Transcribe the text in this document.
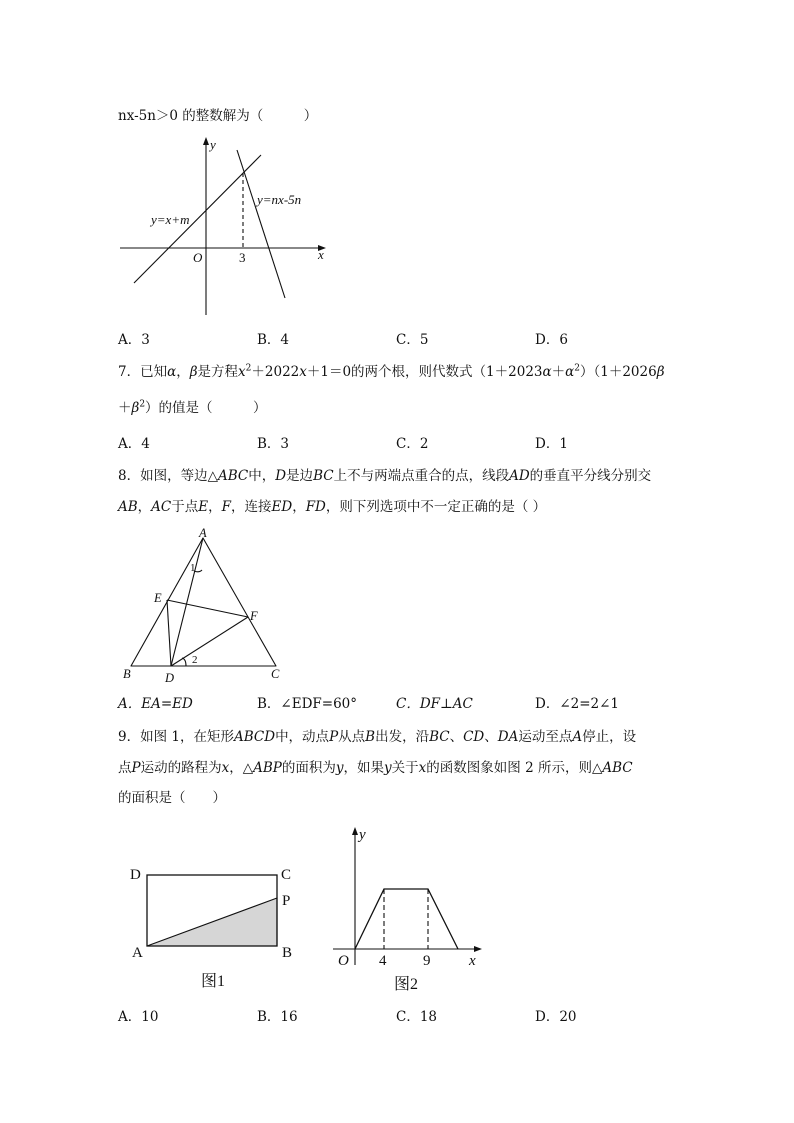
nx-5n＞0 的整数解为（　　　）
x
y
O	3
y=x+m
y=nx-5n
A．3	B．4	C．5	D．6
7．已知α，β是方程$x^2+2022x+1=0$的两个根，则代数式$(1+2023\alpha+\alpha^2)(1+2026\beta$
$+\beta^2$）的值是（　　　）
A．4	B．3	C．2	D．1
8．如图，等边△ABC中，D是边BC上不与两端点重合的点，线段AD的垂直平分线分别交
AB，AC于点E，F，连接ED，FD，则下列选项中不一定正确的是（ ）
A
B	C
D
E
F
1
2
A．EA=ED	B．∠EDF=60°	C．DF⊥AC	D．∠2=2∠1
9．如图 1，在矩形ABCD中，动点P从点B出发，沿BC、CD、DA运动至点A停止，设
点P运动的路程为x，△ABP的面积为y，如果y关于x的函数图象如图 2 所示，则△ABC
的面积是（　　）
D	C
P
A	B
图1
y
x
O 4 9
图2
A．10	B．16	C．18	D．20
